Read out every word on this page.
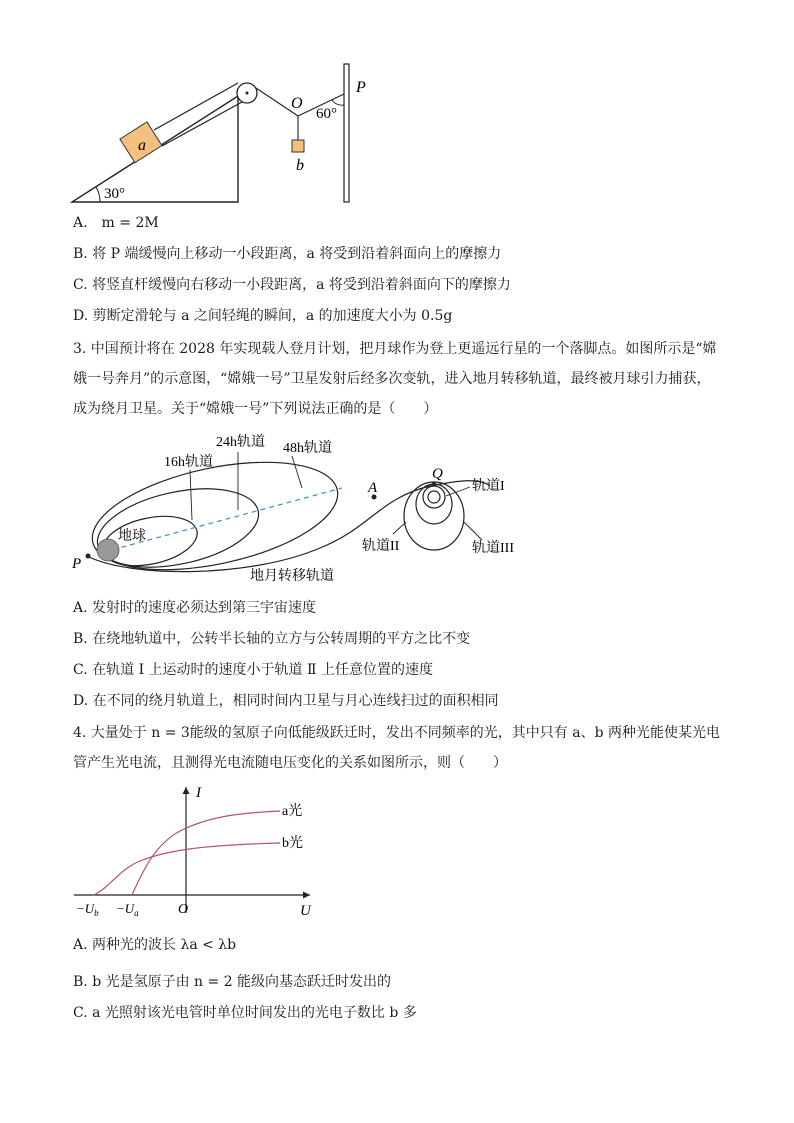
30°
a
b
O
P
60°
A.　m = 2M
B. 将 P 端缓慢向上移动一小段距离，a 将受到沿着斜面向上的摩擦力
C. 将竖直杆缓慢向右移动一小段距离，a 将受到沿着斜面向下的摩擦力
D. 剪断定滑轮与 a 之间轻绳的瞬间，a 的加速度大小为 0.5g
3. 中国预计将在 2028 年实现载人登月计划，把月球作为登上更遥远行星的一个落脚点。如图所示是“嫦娥一号奔月”的示意图，“嫦娥一号”卫星发射后经多次变轨，进入地月转移轨道，最终被月球引力捕获，成为绕月卫星。关于“嫦娥一号”下列说法正确的是（　　）
地球
P
A
Q
24h轨道 48h轨道
16h轨道
轨道I
轨道II	轨道III
地月转移轨道
A. 发射时的速度必须达到第三宇宙速度
B. 在绕地轨道中，公转半长轴的立方与公转周期的平方之比不变
C. 在轨道 Ⅰ 上运动时的速度小于轨道 Ⅱ 上任意位置的速度
D. 在不同的绕月轨道上，相同时间内卫星与月心连线扫过的面积相同
4. 大量处于 n = 3能级的氢原子向低能级跃迁时，发出不同频率的光，其中只有 a、b 两种光能使某光电管产生光电流，且测得光电流随电压变化的关系如图所示，则（　　）
I
U
O
$-U_b -U_a$
a光
b光
A. 两种光的波长 λa < λb
B. b 光是氢原子由 n = 2 能级向基态跃迁时发出的
C. a 光照射该光电管时单位时间发出的光电子数比 b 多
